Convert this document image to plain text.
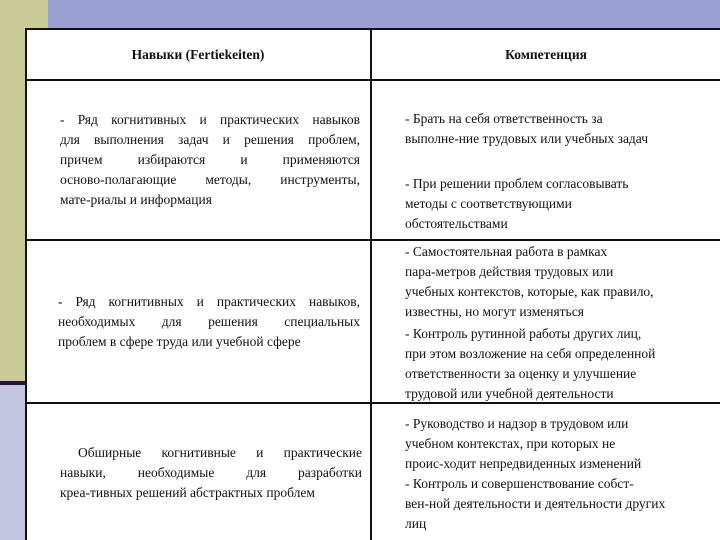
Навыки (Fertiekeiten)	Компетенция
- Ряд когнитивных и практических навыков
для выполнения задач и решения проблем,
причем избираются и применяются
осново-полагающие методы, инструменты,
мате-риалы и информация
- Брать на себя ответственность за
выполне-ние трудовых или учебных задач
- При решении проблем согласовывать
методы с соответствующими
обстоятельствами
- Ряд когнитивных и практических навыков,
необходимых для решения специальных
проблем в сфере труда или учебной сфере
- Самостоятельная работа в рамках
пара-метров действия трудовых или
учебных контекстов, которые, как правило,
известны, но могут изменяться
- Контроль рутинной работы других лиц,
при этом возложение на себя определенной
ответственности за оценку и улучшение
трудовой или учебной деятельности
Обширные когнитивные и практические
навыки, необходимые для разработки
креа-тивных решений абстрактных проблем
- Руководство и надзор в трудовом или
учебном контекстах, при которых не
проис-ходит непредвиденных изменений
- Контроль и совершенствование собст-
вен-ной деятельности и деятельности других
лиц
